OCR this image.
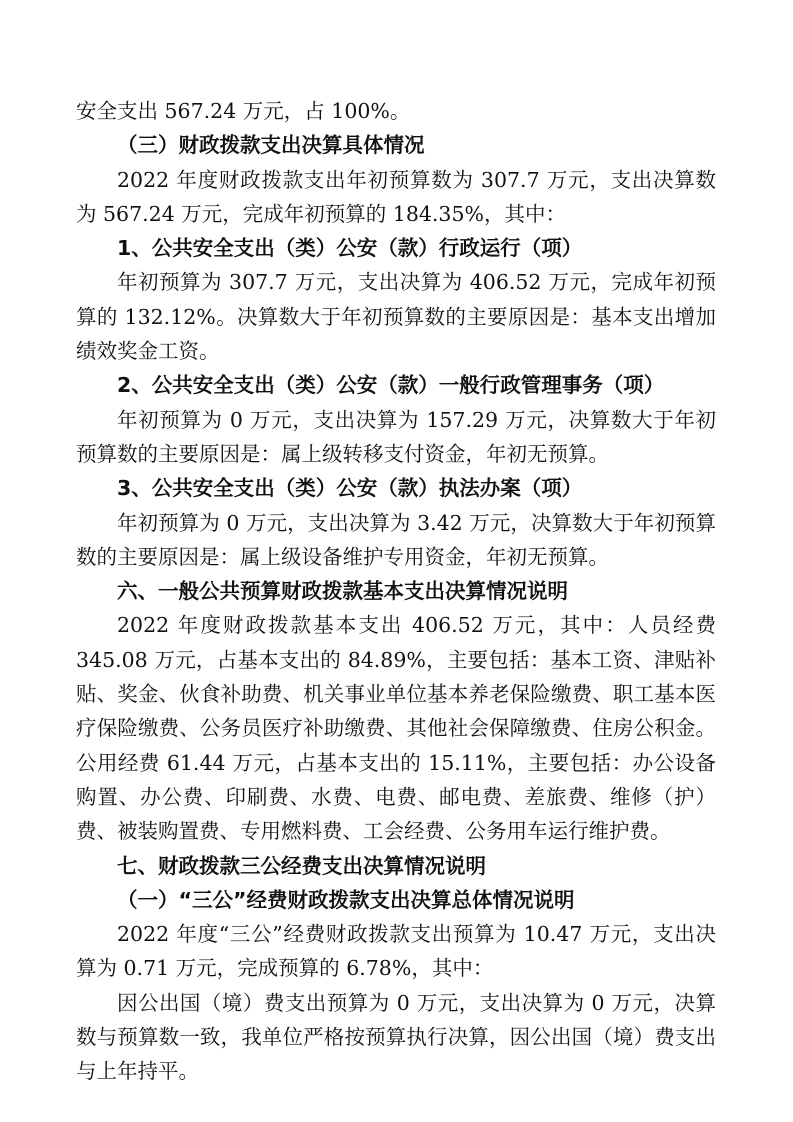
安全支出 567.24 万元，占 100%。

（三）财政拨款支出决算具体情况

2022 年度财政拨款支出年初预算数为 307.7 万元，支出决算数为 567.24 万元，完成年初预算的 184.35%，其中：

1、公共安全支出（类）公安（款）行政运行（项）

年初预算为 307.7 万元，支出决算为 406.52 万元，完成年初预算的 132.12%。决算数大于年初预算数的主要原因是：基本支出增加绩效奖金工资。

2、公共安全支出（类）公安（款）一般行政管理事务（项）

年初预算为 0 万元，支出决算为 157.29 万元，决算数大于年初预算数的主要原因是：属上级转移支付资金，年初无预算。

3、公共安全支出（类）公安（款）执法办案（项）

年初预算为 0 万元，支出决算为 3.42 万元，决算数大于年初预算数的主要原因是：属上级设备维护专用资金，年初无预算。

六、一般公共预算财政拨款基本支出决算情况说明

2022 年度财政拨款基本支出 406.52 万元，其中：人员经费 345.08 万元，占基本支出的 84.89%，主要包括：基本工资、津贴补贴、奖金、伙食补助费、机关事业单位基本养老保险缴费、职工基本医疗保险缴费、公务员医疗补助缴费、其他社会保障缴费、住房公积金。公用经费 61.44 万元，占基本支出的 15.11%，主要包括：办公设备购置、办公费、印刷费、水费、电费、邮电费、差旅费、维修（护）费、被装购置费、专用燃料费、工会经费、公务用车运行维护费。

七、财政拨款三公经费支出决算情况说明

（一）“三公”经费财政拨款支出决算总体情况说明

2022 年度“三公”经费财政拨款支出预算为 10.47 万元，支出决算为 0.71 万元，完成预算的 6.78%，其中：

因公出国（境）费支出预算为 0 万元，支出决算为 0 万元，决算数与预算数一致，我单位严格按预算执行决算，因公出国（境）费支出与上年持平。
